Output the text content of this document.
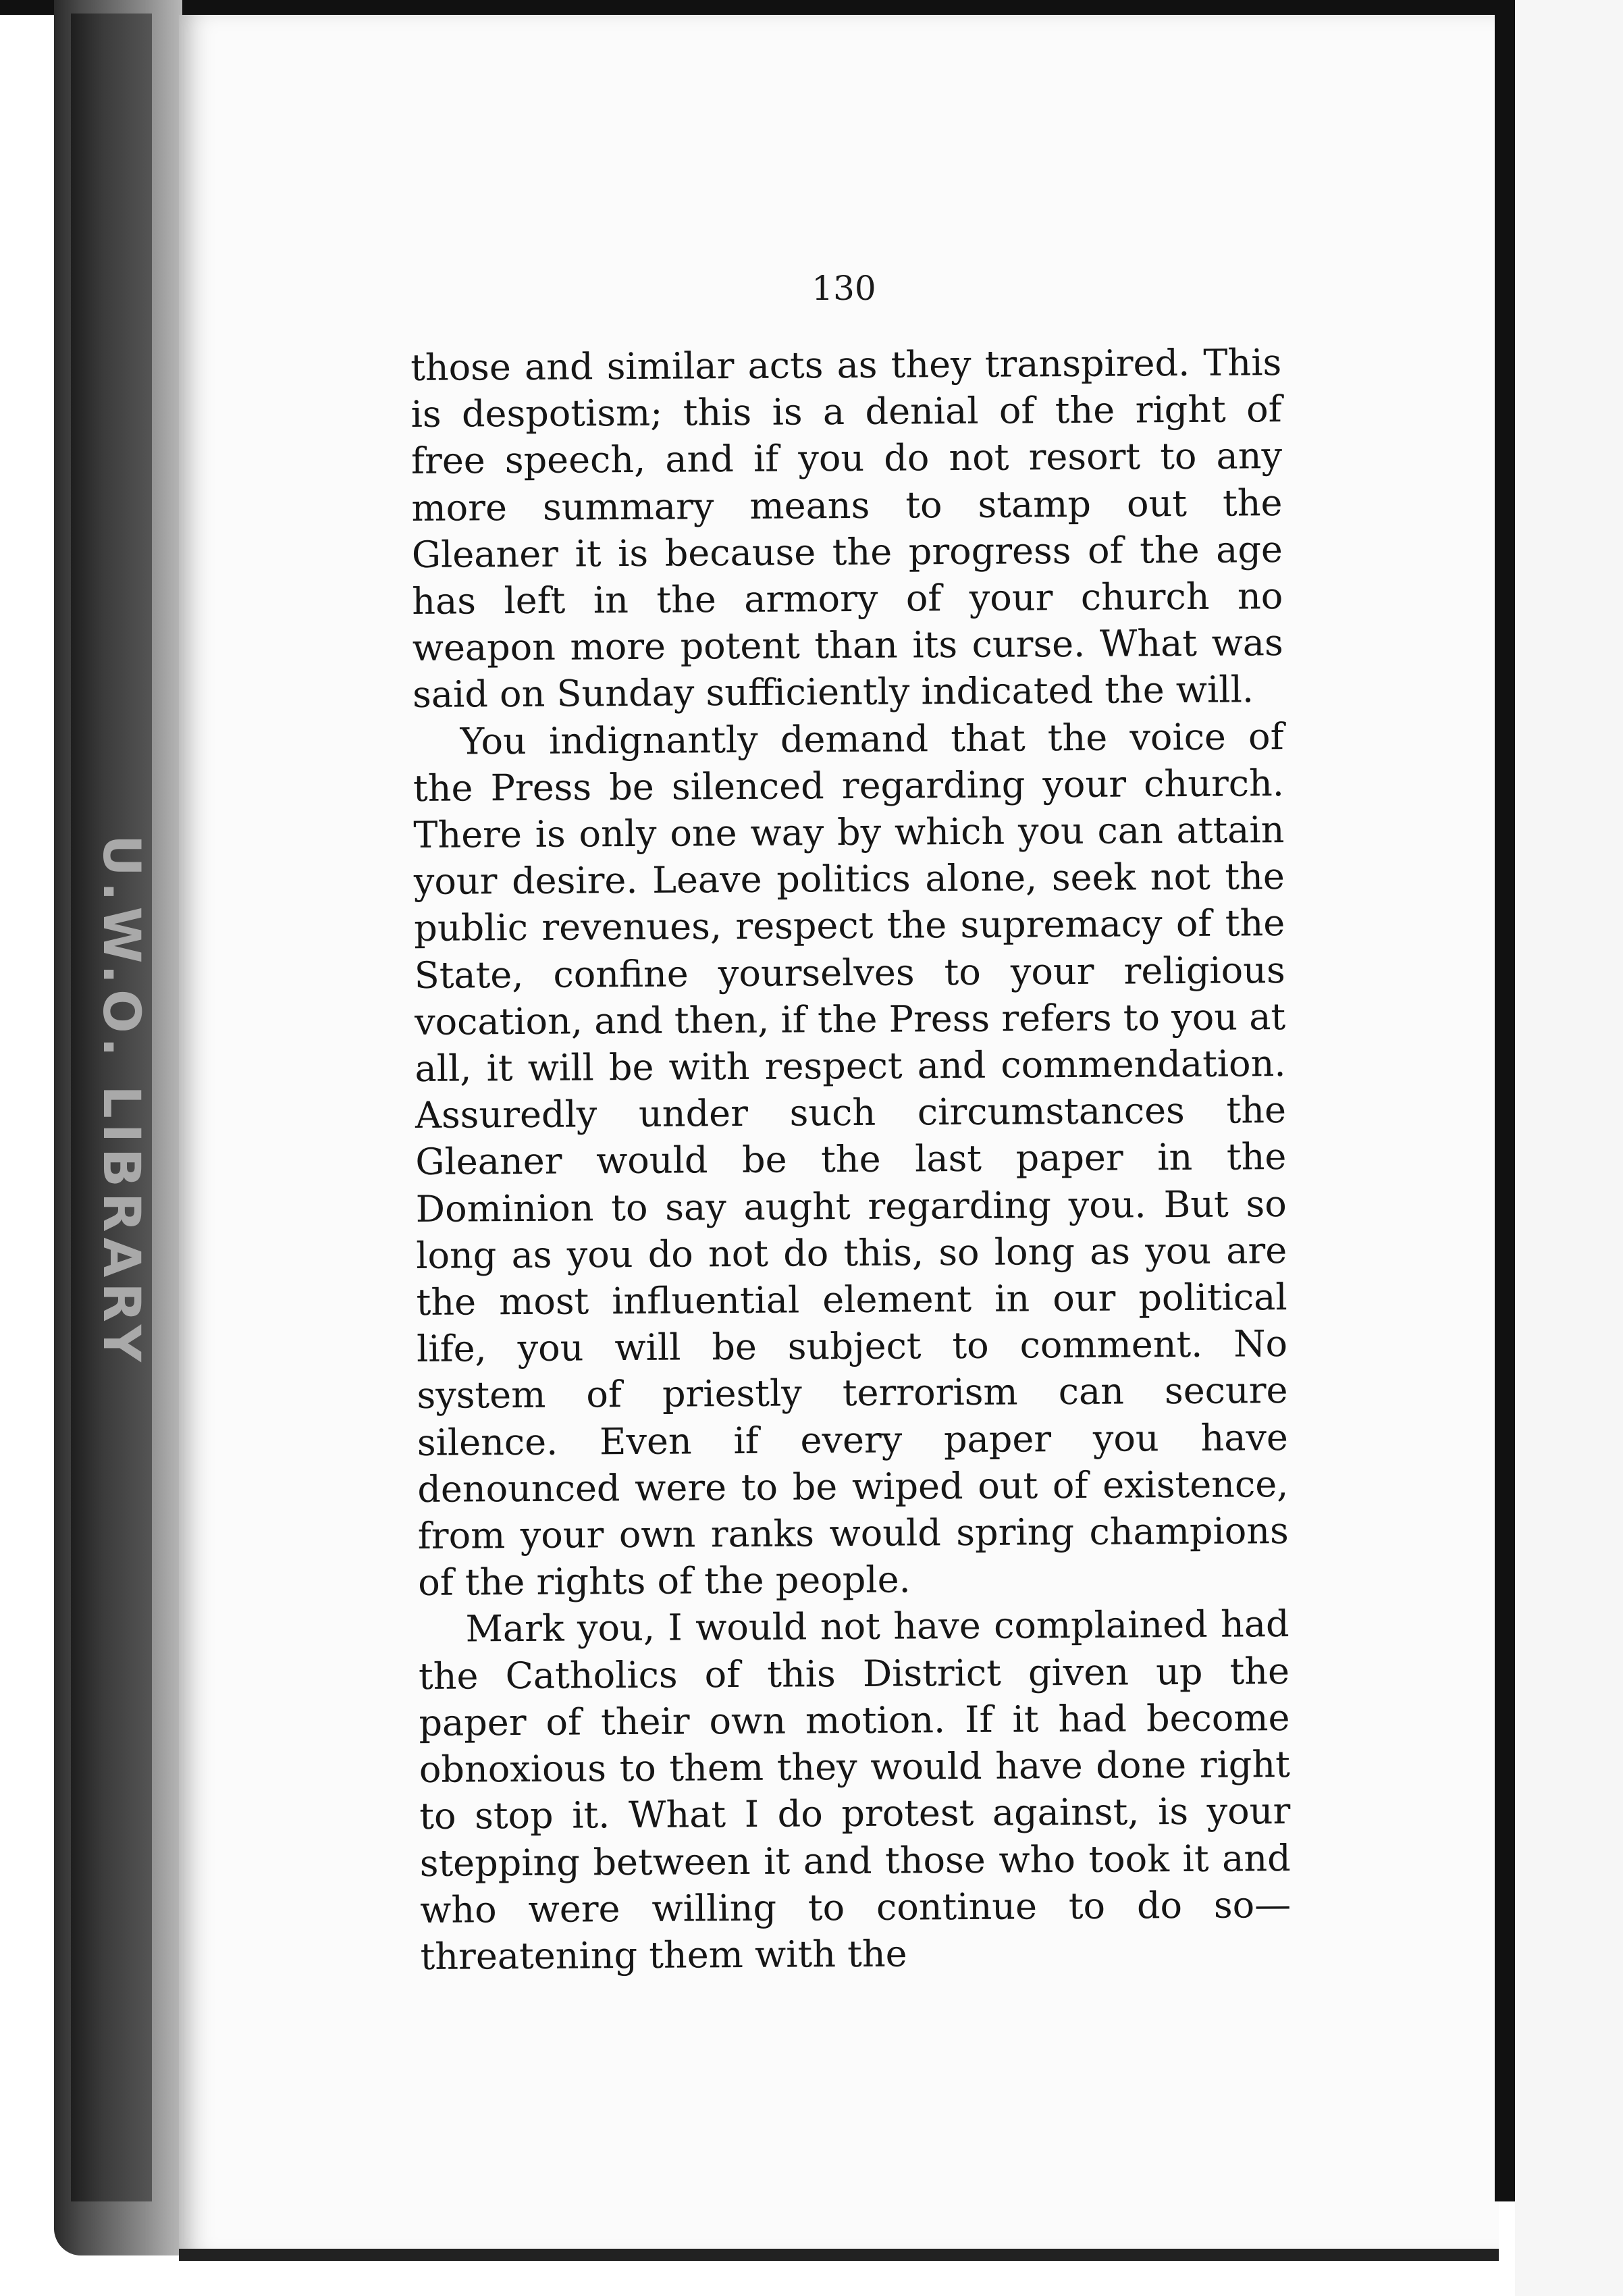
U.W.O. LIBRARY
130

those and similar acts as they transpired. This is despotism; this is a denial of the right of free speech, and if you do not resort to any more summary means to stamp out the Gleaner it is because the progress of the age has left in the armory of your church no weapon more potent than its curse. What was said on Sunday sufficiently indicated the will.

You indignantly demand that the voice of the Press be silenced regarding your church. There is only one way by which you can attain your desire. Leave politics alone, seek not the public revenues, respect the supremacy of the State, confine yourselves to your religious vocation, and then, if the Press refers to you at all, it will be with respect and commendation. Assuredly under such circumstances the Gleaner would be the last paper in the Dominion to say aught regarding you. But so long as you do not do this, so long as you are the most influential element in our political life, you will be subject to comment. No system of priestly terrorism can secure silence. Even if every paper you have denounced were to be wiped out of existence, from your own ranks would spring champions of the rights of the people.

Mark you, I would not have complained had the Catholics of this District given up the paper of their own motion. If it had become obnoxious to them they would have done right to stop it. What I do protest against, is your stepping between it and those who took it and who were willing to continue to do so—threatening them with the
